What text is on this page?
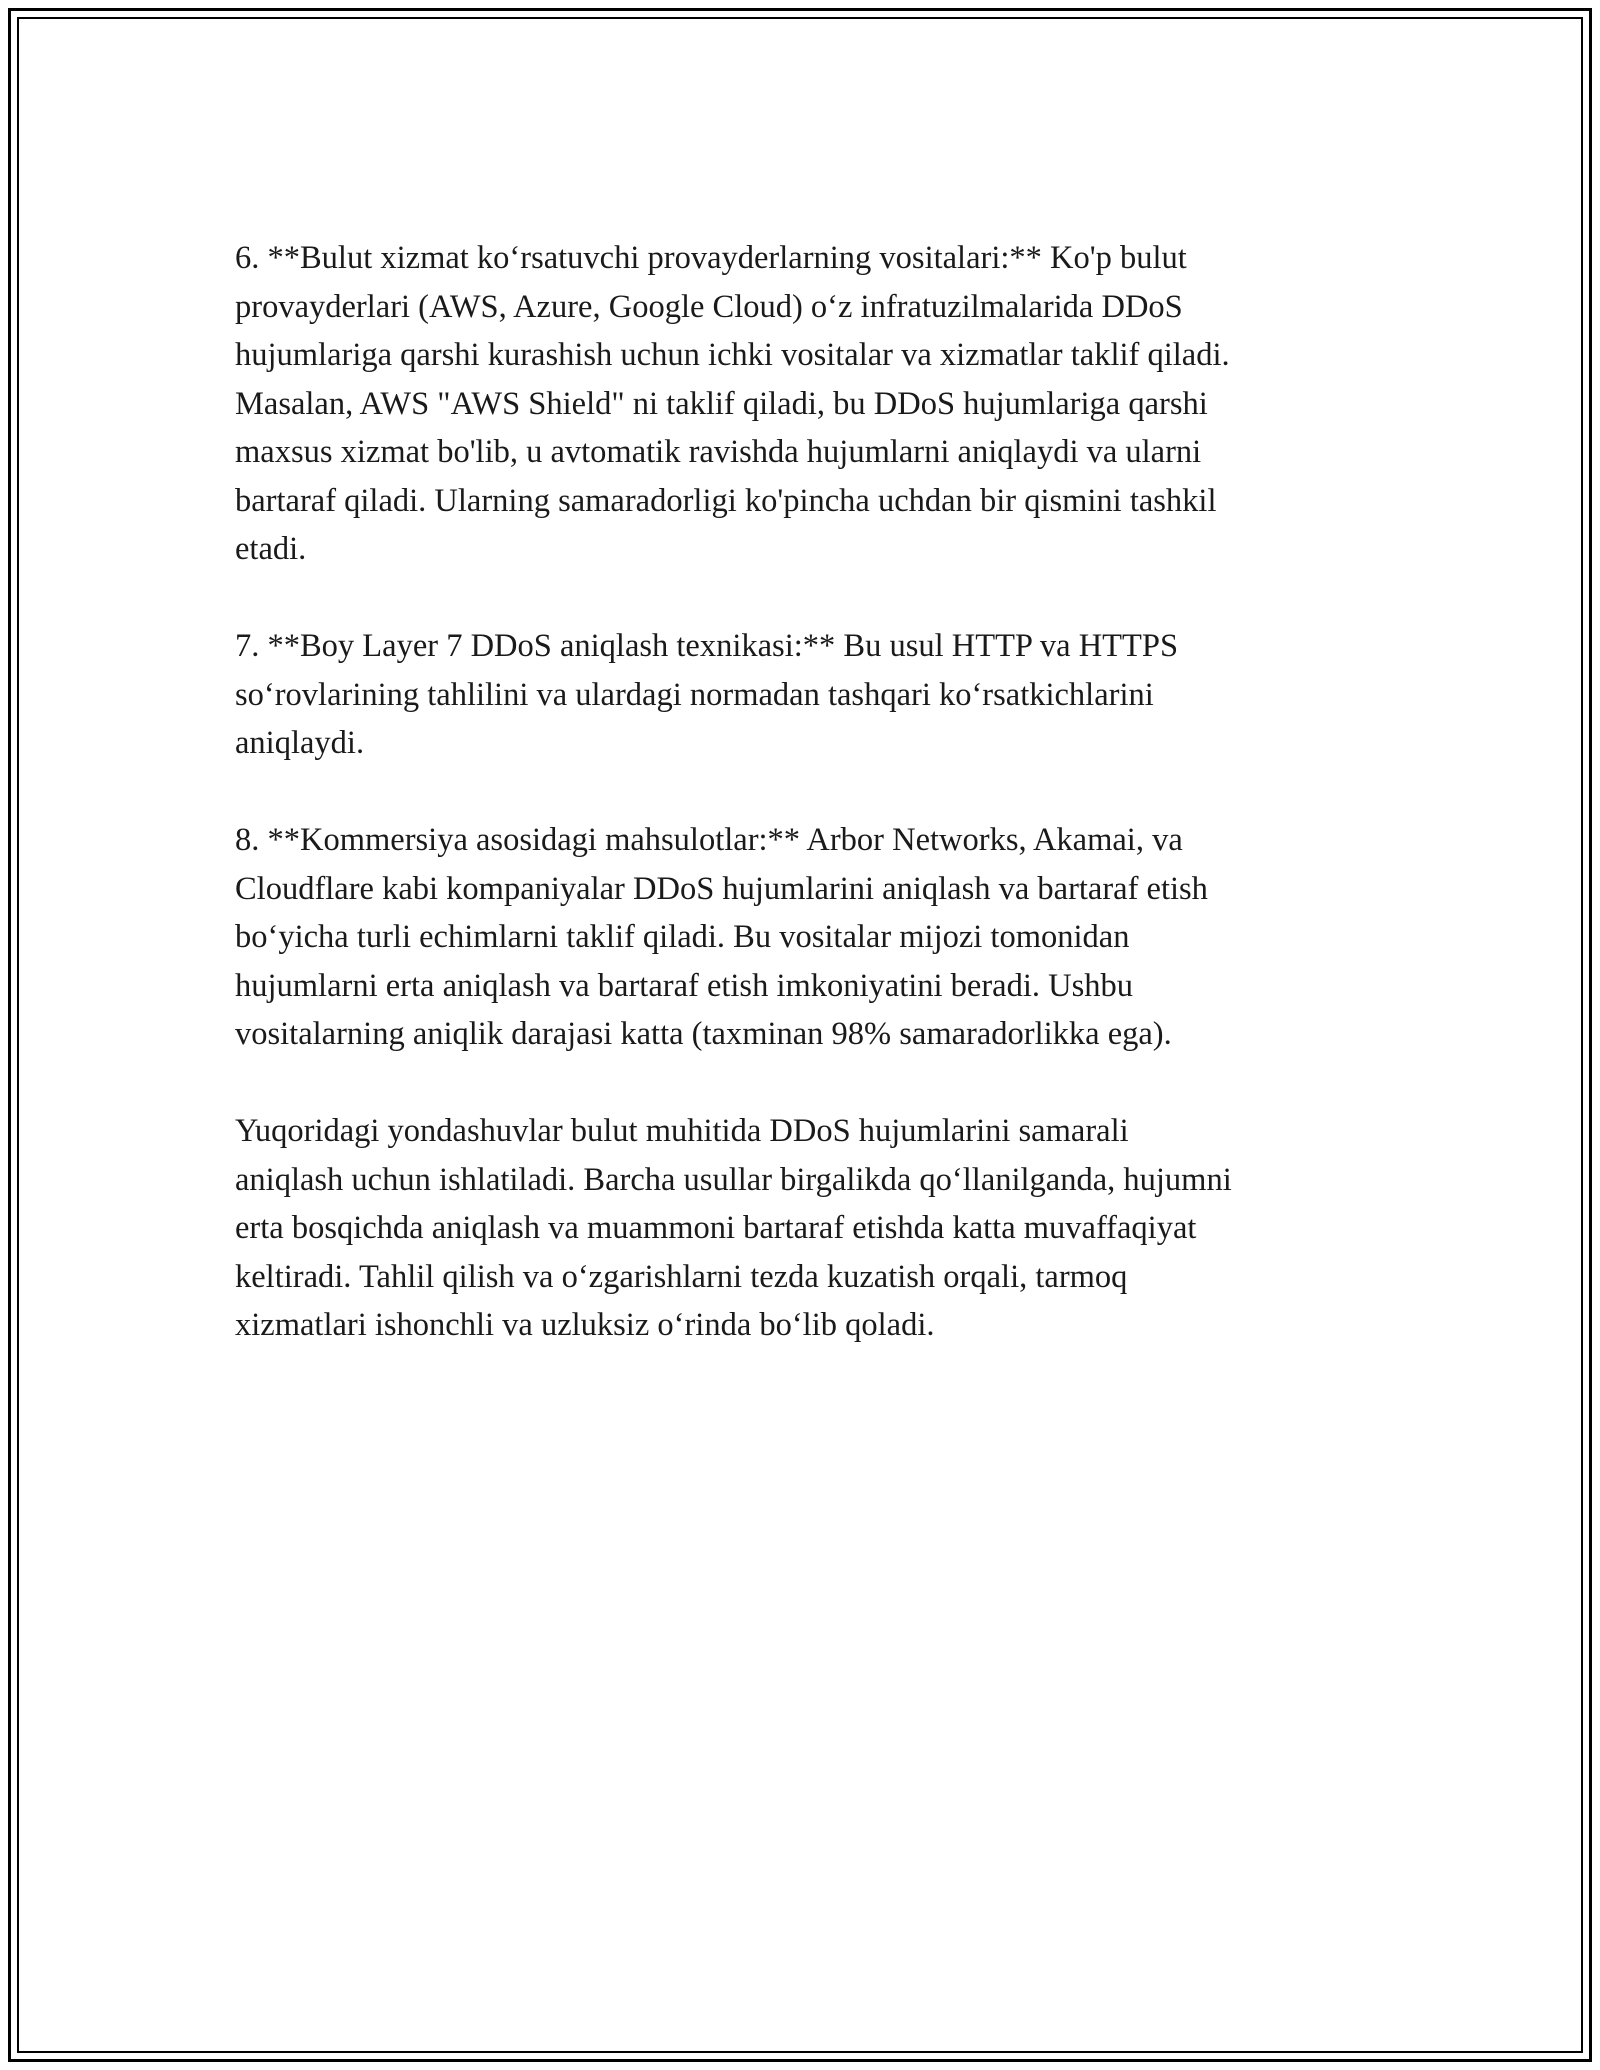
6. **Bulut xizmat ko‘rsatuvchi provayderlarning vositalari:** Ko'p bulut
provayderlari (AWS, Azure, Google Cloud) o‘z infratuzilmalarida DDoS
hujumlariga qarshi kurashish uchun ichki vositalar va xizmatlar taklif qiladi.
Masalan, AWS "AWS Shield" ni taklif qiladi, bu DDoS hujumlariga qarshi
maxsus xizmat bo'lib, u avtomatik ravishda hujumlarni aniqlaydi va ularni
bartaraf qiladi. Ularning samaradorligi ko'pincha uchdan bir qismini tashkil
etadi.

7. **Boy Layer 7 DDoS aniqlash texnikasi:** Bu usul HTTP va HTTPS
so‘rovlarining tahlilini va ulardagi normadan tashqari ko‘rsatkichlarini
aniqlaydi.

8. **Kommersiya asosidagi mahsulotlar:** Arbor Networks, Akamai, va
Cloudflare kabi kompaniyalar DDoS hujumlarini aniqlash va bartaraf etish
bo‘yicha turli echimlarni taklif qiladi. Bu vositalar mijozi tomonidan
hujumlarni erta aniqlash va bartaraf etish imkoniyatini beradi. Ushbu
vositalarning aniqlik darajasi katta (taxminan 98% samaradorlikka ega).

Yuqoridagi yondashuvlar bulut muhitida DDoS hujumlarini samarali
aniqlash uchun ishlatiladi. Barcha usullar birgalikda qo‘llanilganda, hujumni
erta bosqichda aniqlash va muammoni bartaraf etishda katta muvaffaqiyat
keltiradi. Tahlil qilish va o‘zgarishlarni tezda kuzatish orqali, tarmoq
xizmatlari ishonchli va uzluksiz o‘rinda bo‘lib qoladi.
